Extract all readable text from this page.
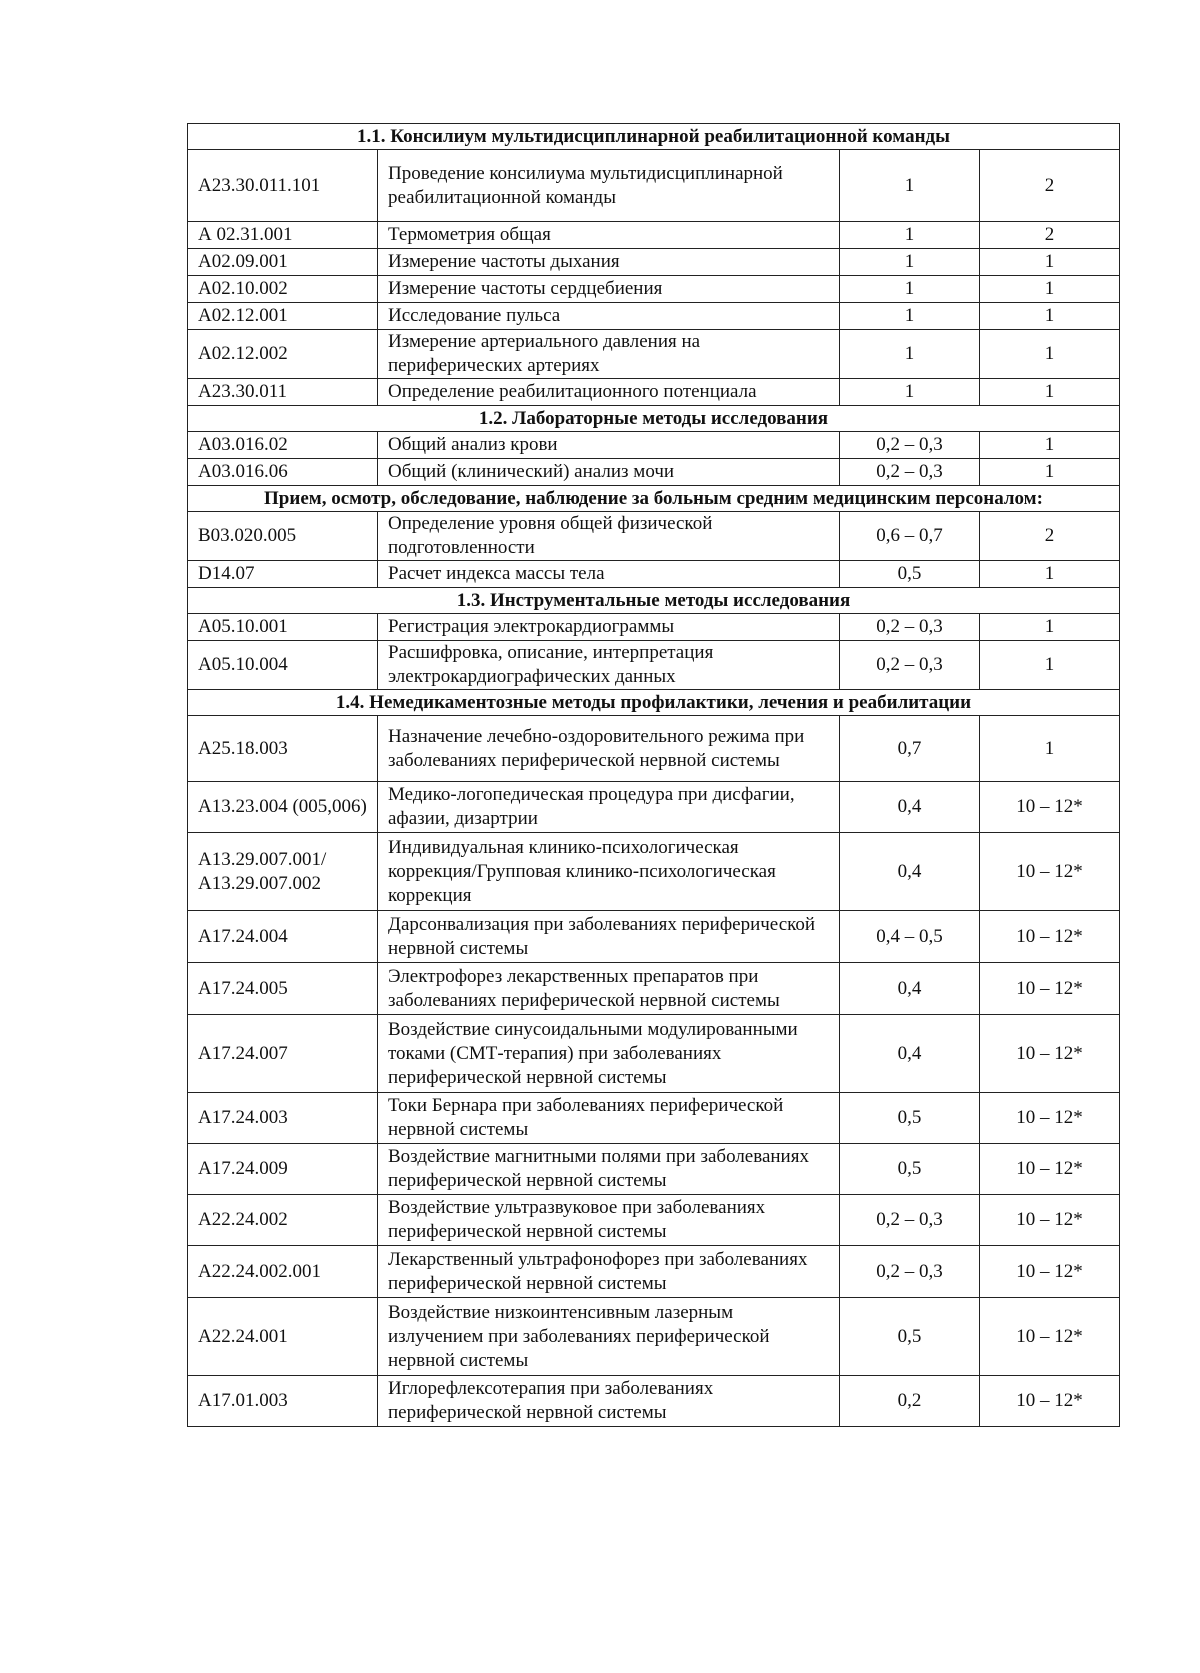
1.1. Консилиум мультидисциплинарной реабилитационной команды			
А23.30.011.101	Проведение консилиума мультидисциплинарной реабилитационной команды	1	2
А 02.31.001	Термометрия общая	1	2
А02.09.001	Измерение частоты дыхания	1	1
А02.10.002	Измерение частоты сердцебиения	1	1
А02.12.001	Исследование пульса	1	1
А02.12.002	Измерение артериального давления на периферических артериях	1	1
А23.30.011	Определение реабилитационного потенциала	1	1
1.2. Лабораторные методы исследования			
А03.016.02	Общий анализ крови	0,2 – 0,3	1
А03.016.06	Общий (клинический) анализ мочи	0,2 – 0,3	1
Прием, осмотр, обследование, наблюдение за больным средним медицинским персоналом:			
В03.020.005	Определение уровня общей физической подготовленности	0,6 – 0,7	2
D14.07	Расчет индекса массы тела	0,5	1
1.3. Инструментальные методы исследования			
А05.10.001	Регистрация электрокардиограммы	0,2 – 0,3	1
А05.10.004	Расшифровка, описание, интерпретация электрокардиографических данных	0,2 – 0,3	1
1.4. Немедикаментозные методы профилактики, лечения и реабилитации			
А25.18.003	Назначение лечебно-оздоровительного режима при заболеваниях периферической нервной системы	0,7	1
А13.23.004 (005,006)	Медико-логопедическая процедура при дисфагии, афазии, дизартрии	0,4	10 – 12*
А13.29.007.001/А13.29.007.002	Индивидуальная клинико-психологическая коррекция/Групповая клинико-психологическая коррекция	0,4	10 – 12*
А17.24.004	Дарсонвализация при заболеваниях периферической нервной системы	0,4 – 0,5	10 – 12*
А17.24.005	Электрофорез лекарственных препаратов при заболеваниях периферической нервной системы	0,4	10 – 12*
А17.24.007	Воздействие синусоидальными модулированными токами (СМТ-терапия) при заболеваниях периферической нервной системы	0,4	10 – 12*
А17.24.003	Токи Бернара при заболеваниях периферической нервной системы	0,5	10 – 12*
А17.24.009	Воздействие магнитными полями при заболеваниях периферической нервной системы	0,5	10 – 12*
А22.24.002	Воздействие ультразвуковое при заболеваниях периферической нервной системы	0,2 – 0,3	10 – 12*
А22.24.002.001	Лекарственный ультрафонофорез при заболеваниях периферической нервной системы	0,2 – 0,3	10 – 12*
А22.24.001	Воздействие низкоинтенсивным лазерным излучением при заболеваниях периферической нервной системы	0,5	10 – 12*
А17.01.003	Иглорефлексотерапия при заболеваниях периферической нервной системы	0,2	10 – 12*
